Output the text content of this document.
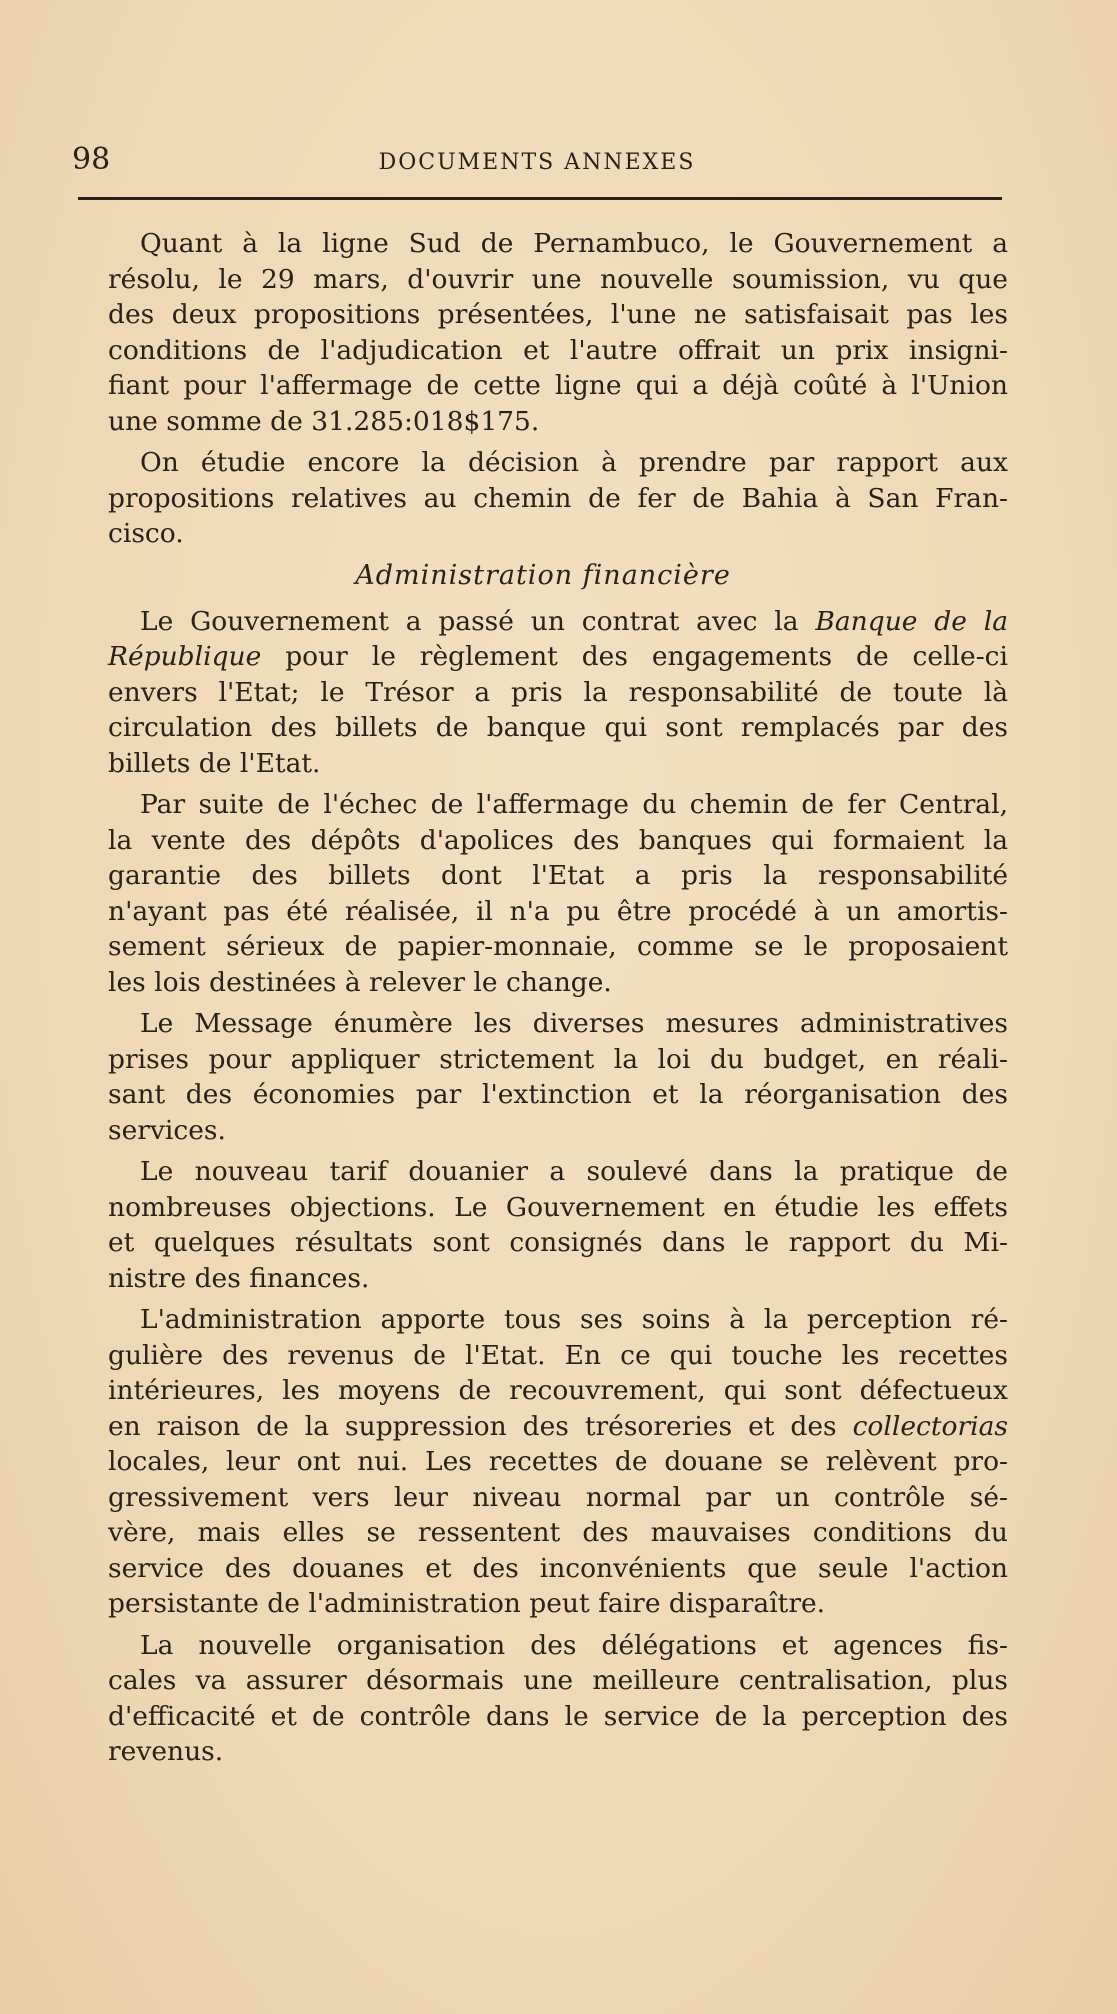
98	DOCUMENTS ANNEXES

Quant à la ligne Sud de Pernambuco, le Gouvernement a
résolu, le 29 mars, d'ouvrir une nouvelle soumission, vu que
des deux propositions présentées, l'une ne satisfaisait pas les
conditions de l'adjudication et l'autre offrait un prix insigni-
fiant pour l'affermage de cette ligne qui a déjà coûté à l'Union
une somme de 31.285:018$175.

On étudie encore la décision à prendre par rapport aux
propositions relatives au chemin de fer de Bahia à San Fran-
cisco.

Administration financière

Le Gouvernement a passé un contrat avec la Banque de la
République pour le règlement des engagements de celle-ci
envers l'Etat; le Trésor a pris la responsabilité de toute là
circulation des billets de banque qui sont remplacés par des
billets de l'Etat.

Par suite de l'échec de l'affermage du chemin de fer Central,
la vente des dépôts d'apolices des banques qui formaient la
garantie des billets dont l'Etat a pris la responsabilité
n'ayant pas été réalisée, il n'a pu être procédé à un amortis-
sement sérieux de papier-monnaie, comme se le proposaient
les lois destinées à relever le change.

Le Message énumère les diverses mesures administratives
prises pour appliquer strictement la loi du budget, en réali-
sant des économies par l'extinction et la réorganisation des
services.

Le nouveau tarif douanier a soulevé dans la pratique de
nombreuses objections. Le Gouvernement en étudie les effets
et quelques résultats sont consignés dans le rapport du Mi-
nistre des finances.

L'administration apporte tous ses soins à la perception ré-
gulière des revenus de l'Etat. En ce qui touche les recettes
intérieures, les moyens de recouvrement, qui sont défectueux
en raison de la suppression des trésoreries et des collectorias
locales, leur ont nui. Les recettes de douane se relèvent pro-
gressivement vers leur niveau normal par un contrôle sé-
vère, mais elles se ressentent des mauvaises conditions du
service des douanes et des inconvénients que seule l'action
persistante de l'administration peut faire disparaître.

La nouvelle organisation des délégations et agences fis-
cales va assurer désormais une meilleure centralisation, plus
d'efficacité et de contrôle dans le service de la perception des
revenus.
